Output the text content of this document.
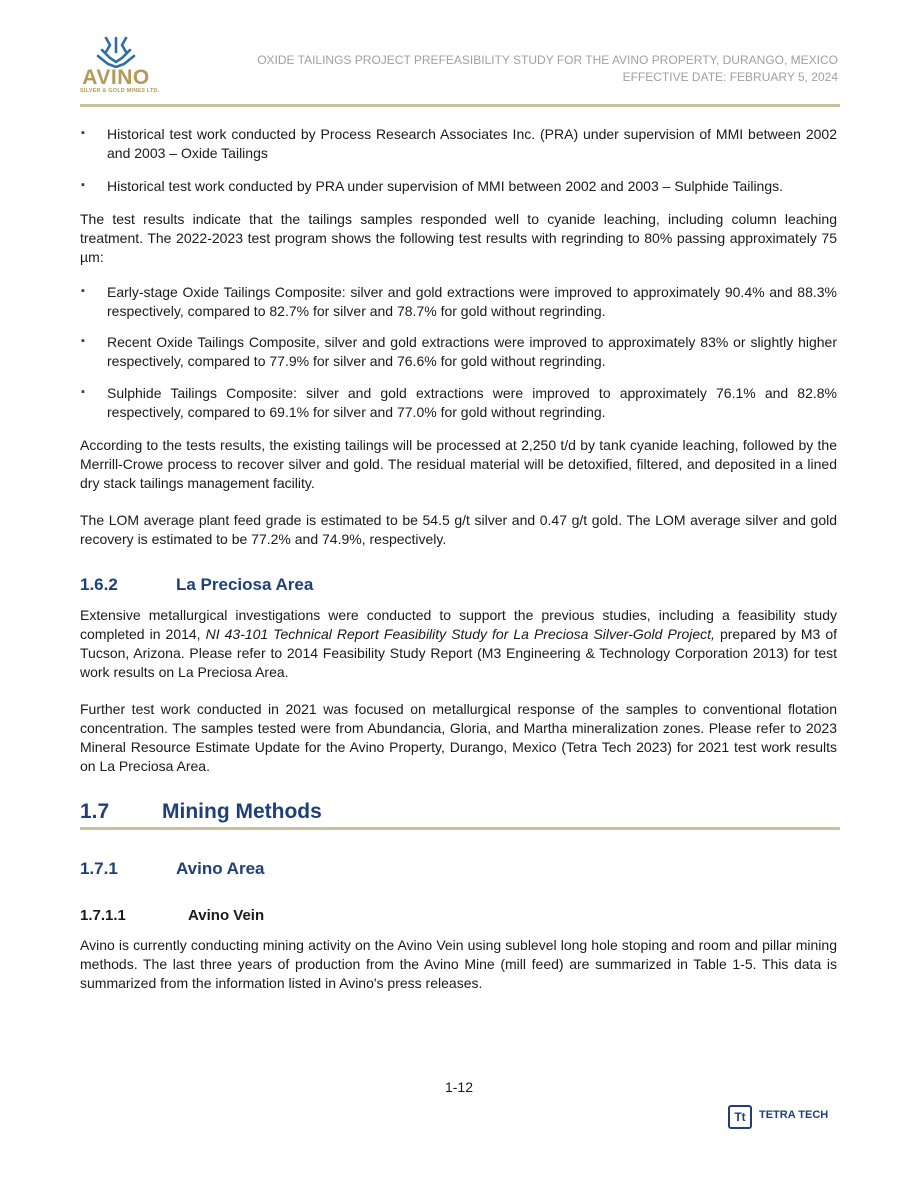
AVINO
SILVER & GOLD MINES LTD.
OXIDE TAILINGS PROJECT PREFEASIBILITY STUDY FOR THE AVINO PROPERTY, DURANGO, MEXICO
EFFECTIVE DATE: FEBRUARY 5, 2024
▪ Historical test work conducted by Process Research Associates Inc. (PRA) under supervision of MMI between 2002 and 2003 – Oxide Tailings
▪ Historical test work conducted by PRA under supervision of MMI between 2002 and 2003 – Sulphide Tailings.
The test results indicate that the tailings samples responded well to cyanide leaching, including column leaching treatment. The 2022-2023 test program shows the following test results with regrinding to 80% passing approximately 75 µm:
▪ Early-stage Oxide Tailings Composite: silver and gold extractions were improved to approximately 90.4% and 88.3% respectively, compared to 82.7% for silver and 78.7% for gold without regrinding.
▪ Recent Oxide Tailings Composite, silver and gold extractions were improved to approximately 83% or slightly higher respectively, compared to 77.9% for silver and 76.6% for gold without regrinding.
▪ Sulphide Tailings Composite: silver and gold extractions were improved to approximately 76.1% and 82.8% respectively, compared to 69.1% for silver and 77.0% for gold without regrinding.
According to the tests results, the existing tailings will be processed at 2,250 t/d by tank cyanide leaching, followed by the Merrill-Crowe process to recover silver and gold. The residual material will be detoxified, filtered, and deposited in a lined dry stack tailings management facility.
The LOM average plant feed grade is estimated to be 54.5 g/t silver and 0.47 g/t gold. The LOM average silver and gold recovery is estimated to be 77.2% and 74.9%, respectively.
1.6.2	La Preciosa Area
Extensive metallurgical investigations were conducted to support the previous studies, including a feasibility study completed in 2014, NI 43-101 Technical Report Feasibility Study for La Preciosa Silver-Gold Project, prepared by M3 of Tucson, Arizona. Please refer to 2014 Feasibility Study Report (M3 Engineering & Technology Corporation 2013) for test work results on La Preciosa Area.
Further test work conducted in 2021 was focused on metallurgical response of the samples to conventional flotation concentration. The samples tested were from Abundancia, Gloria, and Martha mineralization zones. Please refer to 2023 Mineral Resource Estimate Update for the Avino Property, Durango, Mexico (Tetra Tech 2023) for 2021 test work results on La Preciosa Area.
1.7	Mining Methods
1.7.1	Avino Area
1.7.1.1	Avino Vein
Avino is currently conducting mining activity on the Avino Vein using sublevel long hole stoping and room and pillar mining methods. The last three years of production from the Avino Mine (mill feed) are summarized in Table 1-5. This data is summarized from the information listed in Avino's press releases.
1-12
Tt	TETRA TECH
